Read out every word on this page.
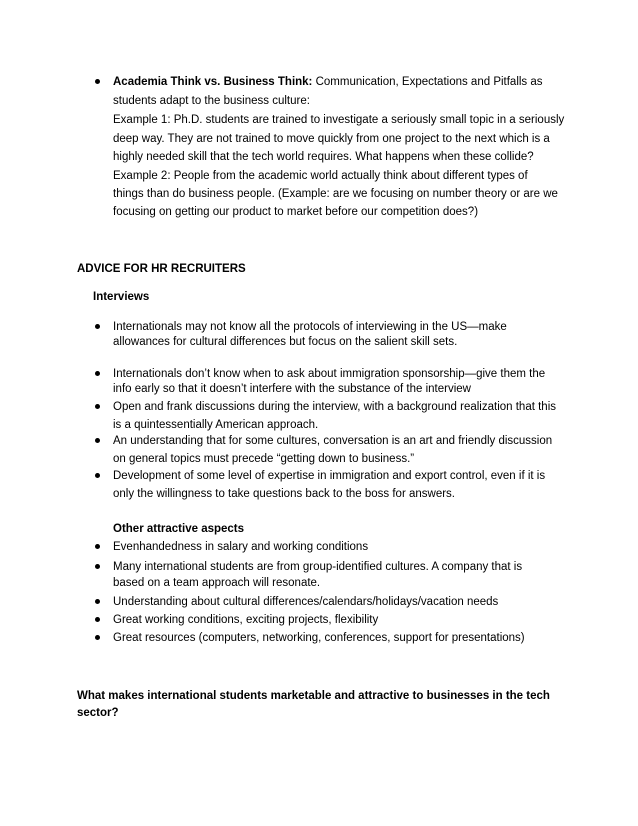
Academia Think vs. Business Think: Communication, Expectations and Pitfalls as
students adapt to the business culture:
Example 1: Ph.D. students are trained to investigate a seriously small topic in a seriously
deep way. They are not trained to move quickly from one project to the next which is a
highly needed skill that the tech world requires. What happens when these collide?
Example 2: People from the academic world actually think about different types of
things than do business people. (Example: are we focusing on number theory or are we
focusing on getting our product to market before our competition does?)
ADVICE FOR HR RECRUITERS
Interviews
Internationals may not know all the protocols of interviewing in the US—make
allowances for cultural differences but focus on the salient skill sets.
Internationals don’t know when to ask about immigration sponsorship—give them the
info early so that it doesn’t interfere with the substance of the interview
Open and frank discussions during the interview, with a background realization that this
is a quintessentially American approach.
An understanding that for some cultures, conversation is an art and friendly discussion
on general topics must precede “getting down to business.”
Development of some level of expertise in immigration and export control, even if it is
only the willingness to take questions back to the boss for answers.
Other attractive aspects
Evenhandedness in salary and working conditions
Many international students are from group-identified cultures. A company that is
based on a team approach will resonate.
Understanding about cultural differences/calendars/holidays/vacation needs
Great working conditions, exciting projects, flexibility
Great resources (computers, networking, conferences, support for presentations)
What makes international students marketable and attractive to businesses in the tech
sector?
